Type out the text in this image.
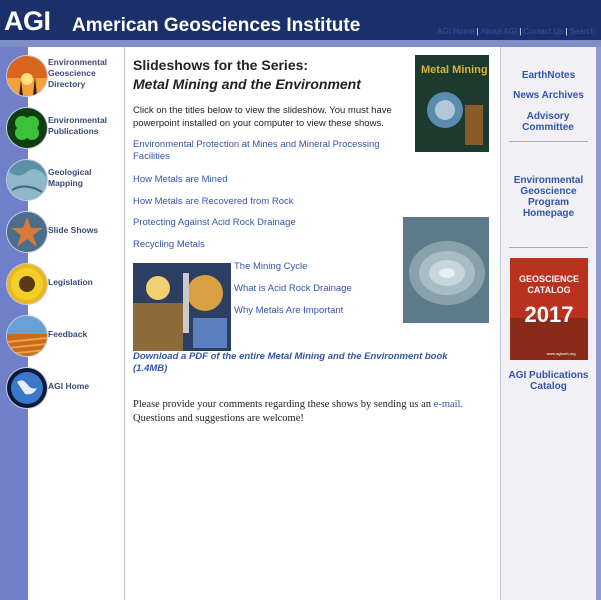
AGI American Geosciences Institute	AGI Home | About AGI | Contact Us | Search
Environmental Geoscience Directory
Environmental Publications
Geological Mapping
Slide Shows
Legislation
Feedback
AGI Home
Slideshows for the Series:
Metal Mining and the Environment
Metal Mining
Click on the titles below to view the slideshow. You must have powerpoint installed on your computer to view these shows.
Environmental Protection at Mines and Mineral Processing Facilities
How Metals are Mined
How Metals are Recovered from Rock
Protecting Against Acid Rock Drainage
Recycling Metals
The Mining Cycle
What is Acid Rock Drainage
Why Metals Are Important
Download a PDF of the entire Metal Mining and the Environment book (1.4MB)
Please provide your comments regarding these shows by sending us an e-mail.
Questions and suggestions are welcome!
EarthNotes
News Archives
Advisory Committee
Environmental Geoscience Program Homepage
GEOSCIENCE
CATALOG
2017
www.agiweb.org
AGI Publications Catalog
